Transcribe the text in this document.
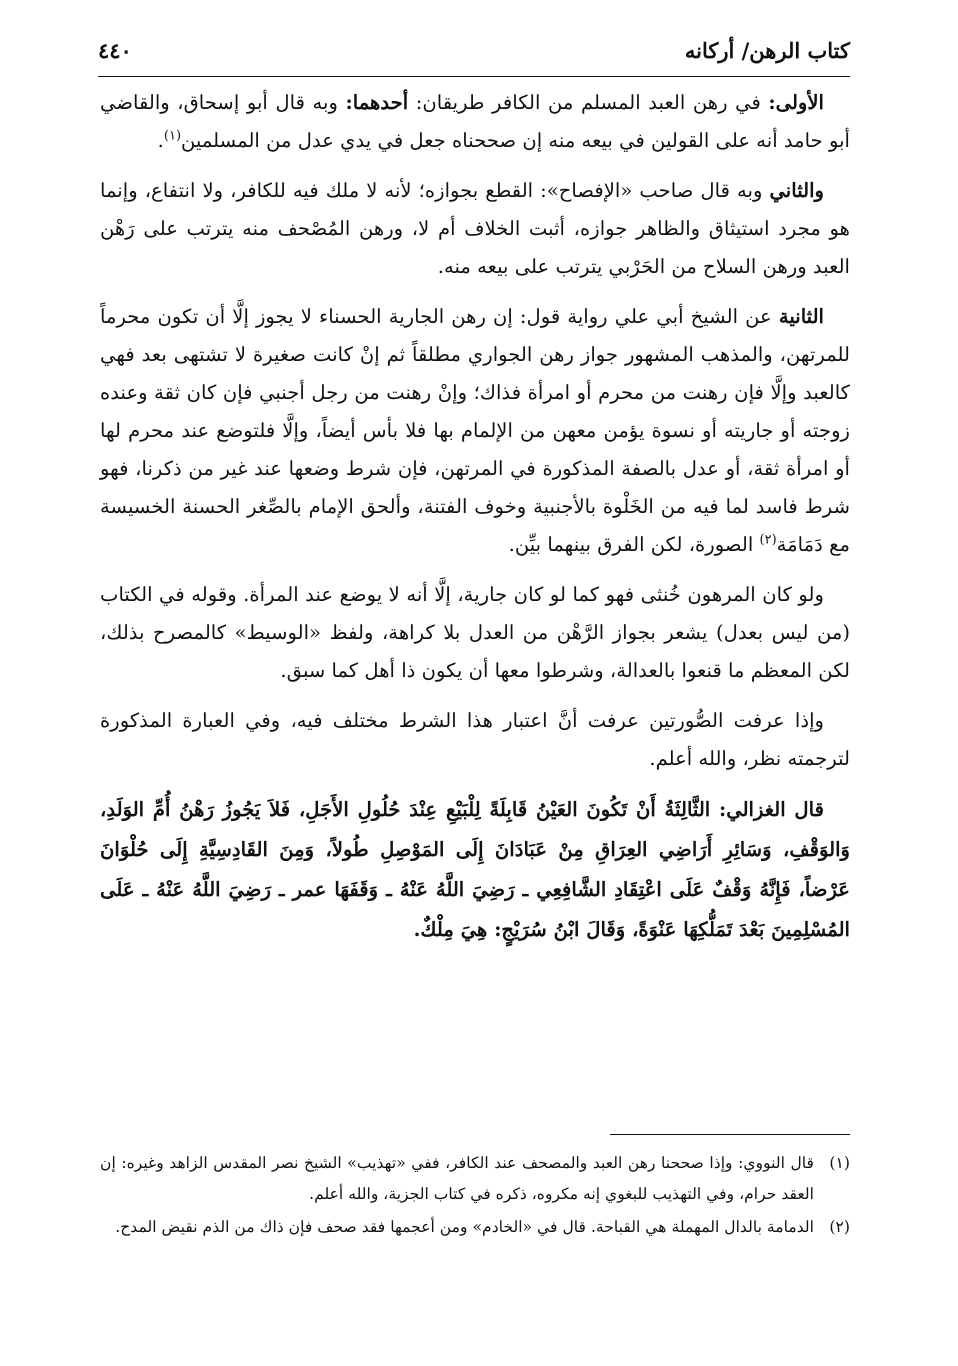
كتاب الرهن/ أركانه
٤٤٠

الأولى: في رهن العبد المسلم من الكافر طريقان: أحدهما: وبه قال أبو إسحاق، والقاضي أبو حامد أنه على القولين في بيعه منه إن صححناه جعل في يدي عدل من المسلمين$^{(١)}$.

والثاني وبه قال صاحب «الإفصاح»: القطع بجوازه؛ لأنه لا ملك فيه للكافر، ولا انتفاع، وإنما هو مجرد استيثاق والظاهر جوازه، أثبت الخلاف أم لا، ورهن المُصْحف منه يترتب على رَهْن العبد ورهن السلاح من الحَرْبي يترتب على بيعه منه.

الثانية عن الشيخ أبي علي رواية قول: إن رهن الجارية الحسناء لا يجوز إلَّا أن تكون محرماً للمرتهن، والمذهب المشهور جواز رهن الجواري مطلقاً ثم إنْ كانت صغيرة لا تشتهى بعد فهي كالعبد وإلَّا فإن رهنت من محرم أو امرأة فذاك؛ وإنْ رهنت من رجل أجنبي فإن كان ثقة وعنده زوجته أو جاريته أو نسوة يؤمن معهن من الإلمام بها فلا بأس أيضاً، وإلَّا فلتوضع عند محرم لها أو امرأة ثقة، أو عدل بالصفة المذكورة في المرتهن، فإن شرط وضعها عند غير من ذكرنا، فهو شرط فاسد لما فيه من الخَلْوة بالأجنبية وخوف الفتنة، وألحق الإمام بالصِّغر الحسنة الخسيسة مع دَمَامَة$^{(٢)}$ الصورة، لكن الفرق بينهما بيِّن.

ولو كان المرهون خُنثى فهو كما لو كان جارية، إلَّا أنه لا يوضع عند المرأة. وقوله في الكتاب (من ليس بعدل) يشعر بجواز الرَّهْن من العدل بلا كراهة، ولفظ «الوسيط» كالمصرح بذلك، لكن المعظم ما قنعوا بالعدالة، وشرطوا معها أن يكون ذا أهل كما سبق.

وإذا عرفت الصُّورتين عرفت أنَّ اعتبار هذا الشرط مختلف فيه، وفي العبارة المذكورة لترجمته نظر، والله أعلم.

قال الغزالي: الثَّالِثَةُ أَنْ تَكُونَ العَيْنُ قَابِلَةً لِلْبَيْعِ عِنْدَ حُلُولِ الأَجَلِ، فَلاَ يَجُوزُ رَهْنُ أُمِّ الوَلَدِ، وَالوَقْفِ، وَسَائِرِ أَرَاضِي العِرَاقِ مِنْ عَبَادَانَ إِلَى المَوْصِلِ طُولاً، وَمِنَ القَادِسِيَّةِ إِلَى حُلْوَانَ عَرْضاً، فَإِنَّهُ وَقْفٌ عَلَى اعْتِقَادِ الشَّافِعِي ـ رَضِيَ اللَّهُ عَنْهُ ـ وَقَفَهَا عمر ـ رَضِيَ اللَّهُ عَنْهُ ـ عَلَى المُسْلِمِينَ بَعْدَ تَمَلُّكِهَا عَنْوَةً، وَقَالَ ابْنُ سُرَيْجٍ: هِيَ مِلْكٌ.

(١)
قال النووي: وإذا صححنا رهن العبد والمصحف عند الكافر، ففي «تهذيب» الشيخ نصر المقدس الزاهد وغيره: إن العقد حرام، وفي التهذيب للبغوي إنه مكروه، ذكره في كتاب الجزية، والله أعلم.
(٢)
الدمامة بالدال المهملة هي القباحة. قال في «الخادم» ومن أعجمها فقد صحف فإن ذاك من الذم نقيض المدح.
